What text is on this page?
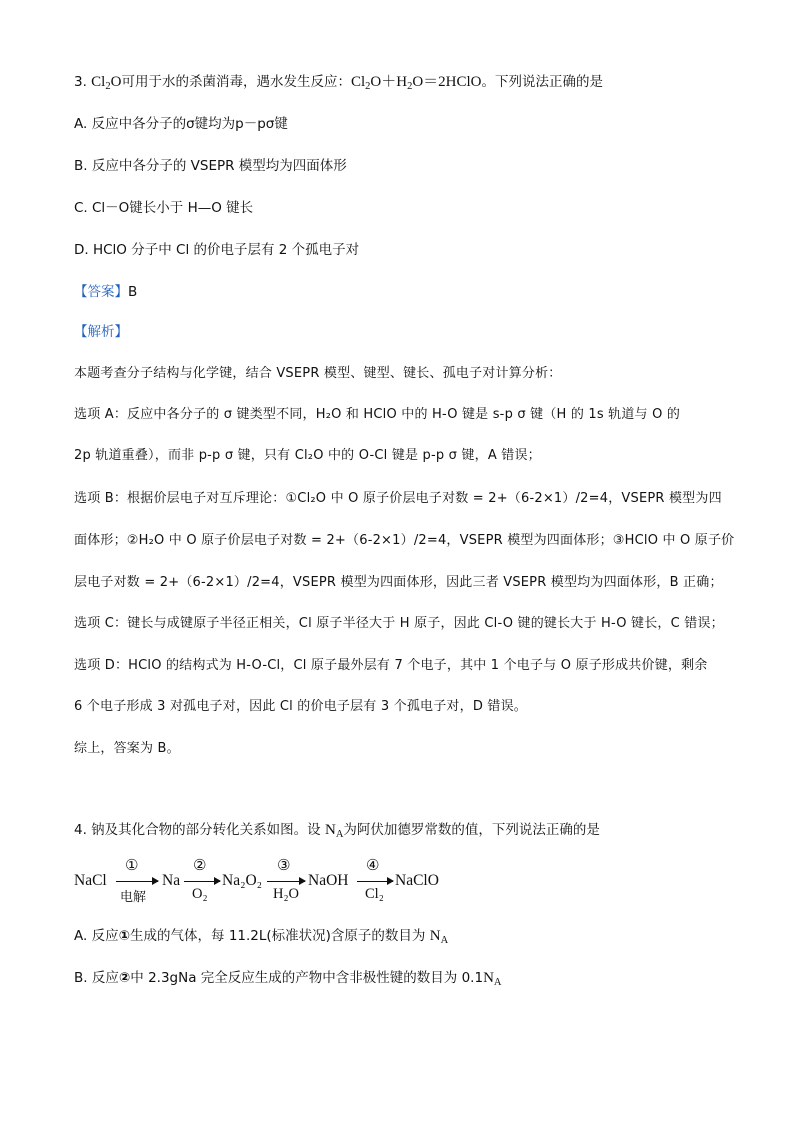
3. $Cl_2O$可用于水的杀菌消毒，遇水发生反应：$Cl_2O+H_2O=2HClO$。下列说法正确的是
A. 反应中各分子的σ键均为p－pσ键
B. 反应中各分子的 VSEPR 模型均为四面体形
C. Cl－O键长小于 H—O 键长
D. HClO 分子中 Cl 的价电子层有 2 个孤电子对
【答案】B
【解析】
本题考查分子结构与化学键，结合 VSEPR 模型、键型、键长、孤电子对计算分析：
选项 A：反应中各分子的 σ 键类型不同，H₂O 和 HClO 中的 H-O 键是 s-p σ 键（H 的 1s 轨道与 O 的
2p 轨道重叠），而非 p-p σ 键，只有 Cl₂O 中的 O-Cl 键是 p-p σ 键，A 错误；
选项 B：根据价层电子对互斥理论：①Cl₂O 中 O 原子价层电子对数 = 2+（6-2×1）/2=4，VSEPR 模型为四
面体形；②H₂O 中 O 原子价层电子对数 = 2+（6-2×1）/2=4，VSEPR 模型为四面体形；③HClO 中 O 原子价
层电子对数 = 2+（6-2×1）/2=4，VSEPR 模型为四面体形，因此三者 VSEPR 模型均为四面体形，B 正确；
选项 C：键长与成键原子半径正相关，Cl 原子半径大于 H 原子，因此 Cl-O 键的键长大于 H-O 键长，C 错误；
选项 D：HClO 的结构式为 H-O-Cl，Cl 原子最外层有 7 个电子，其中 1 个电子与 O 原子形成共价键，剩余
6 个电子形成 3 对孤电子对，因此 Cl 的价电子层有 3 个孤电子对，D 错误。
综上，答案为 B。
4. 钠及其化合物的部分转化关系如图。设 $N_A$为阿伏加德罗常数的值，下列说法正确的是
NaCl
①
电解
Na
②
O₂
Na₂O₂
③
H₂O
NaOH
④
Cl₂
NaClO
A. 反应①生成的气体，每 11.2L(标准状况)含原子的数目为 $N_A$
B. 反应②中 2.3gNa 完全反应生成的产物中含非极性键的数目为 $0.1N_A$
